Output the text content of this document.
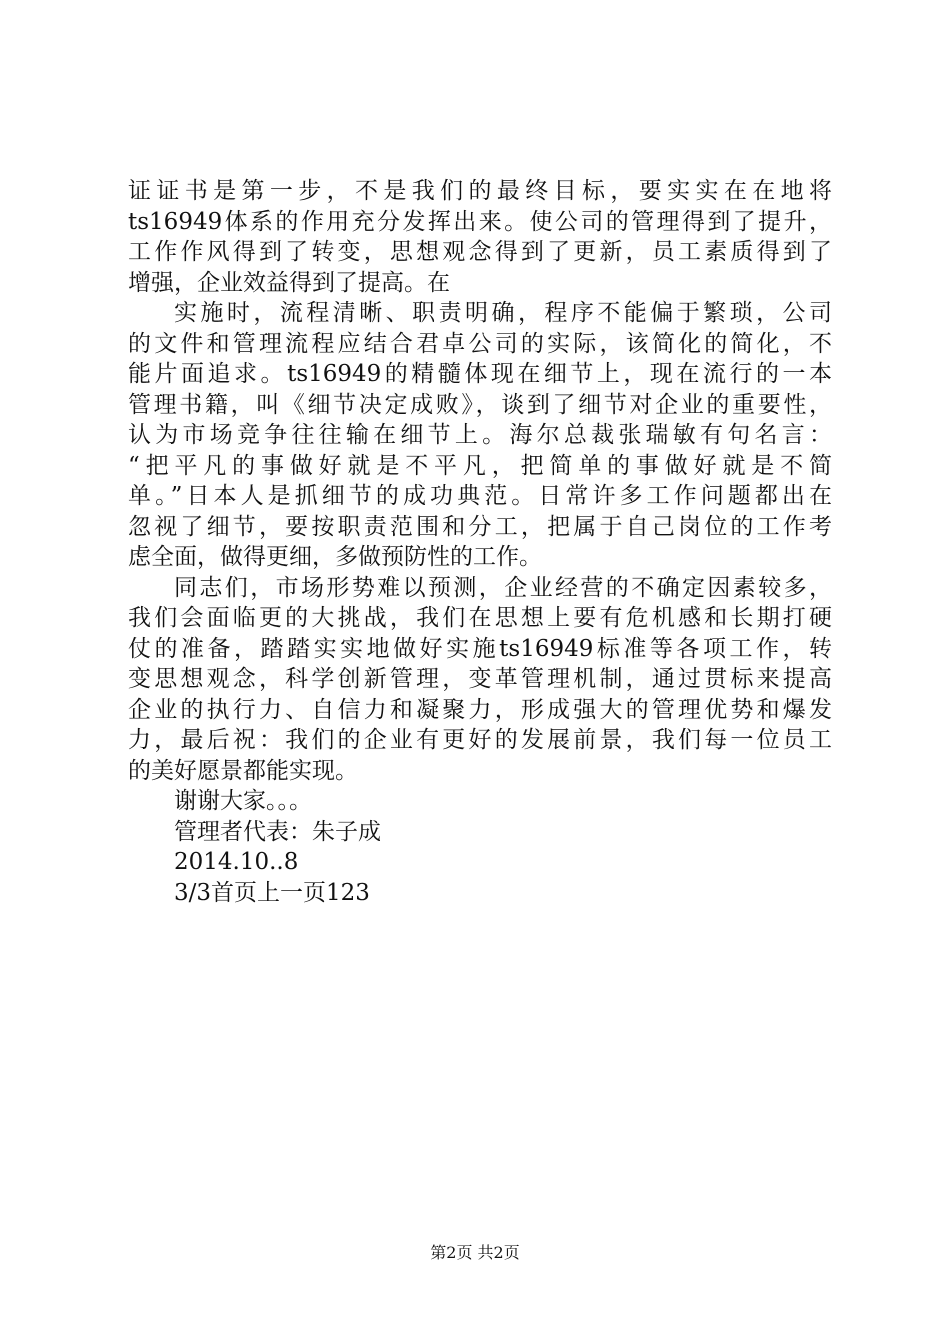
证证书是第一步，不是我们的最终目标，要实实在在地将
ts16949体系的作用充分发挥出来。使公司的管理得到了提升，
工作作风得到了转变，思想观念得到了更新，员工素质得到了
增强，企业效益得到了提高。在
实施时，流程清晰、职责明确，程序不能偏于繁琐，公司
的文件和管理流程应结合君卓公司的实际，该简化的简化，不
能片面追求。ts16949的精髓体现在细节上，现在流行的一本
管理书籍，叫《细节决定成败》，谈到了细节对企业的重要性，
认为市场竞争往往输在细节上。海尔总裁张瑞敏有句名言：
“把平凡的事做好就是不平凡，把简单的事做好就是不简
单。”日本人是抓细节的成功典范。日常许多工作问题都出在
忽视了细节，要按职责范围和分工，把属于自己岗位的工作考
虑全面，做得更细，多做预防性的工作。
同志们，市场形势难以预测，企业经营的不确定因素较多，
我们会面临更的大挑战，我们在思想上要有危机感和长期打硬
仗的准备，踏踏实实地做好实施ts16949标准等各项工作，转
变思想观念，科学创新管理，变革管理机制，通过贯标来提高
企业的执行力、自信力和凝聚力，形成强大的管理优势和爆发
力，最后祝：我们的企业有更好的发展前景，我们每一位员工
的美好愿景都能实现。
谢谢大家。。。
管理者代表：朱子成
2014.10..8
3/3首页上一页123
第2页 共2页
